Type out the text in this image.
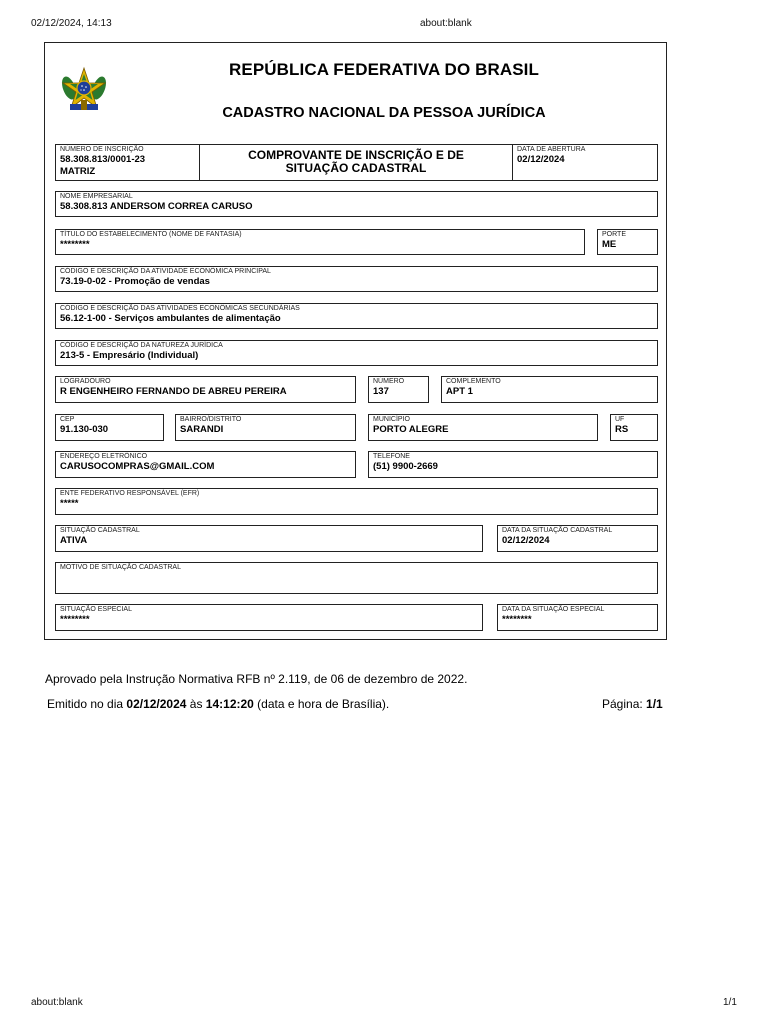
02/12/2024, 14:13	about:blank
REPÚBLICA FEDERATIVA DO BRASIL
CADASTRO NACIONAL DA PESSOA JURÍDICA
NÚMERO DE INSCRIÇÃO
58.308.813/0001-23
MATRIZ
COMPROVANTE DE INSCRIÇÃO E DE SITUAÇÃO CADASTRAL
DATA DE ABERTURA
02/12/2024
NOME EMPRESARIAL
58.308.813 ANDERSOM CORREA CARUSO
TÍTULO DO ESTABELECIMENTO (NOME DE FANTASIA)
********
PORTE
ME
CÓDIGO E DESCRIÇÃO DA ATIVIDADE ECONÔMICA PRINCIPAL
73.19-0-02 - Promoção de vendas
CÓDIGO E DESCRIÇÃO DAS ATIVIDADES ECONÔMICAS SECUNDÁRIAS
56.12-1-00 - Serviços ambulantes de alimentação
CÓDIGO E DESCRIÇÃO DA NATUREZA JURÍDICA
213-5 - Empresário (Individual)
LOGRADOURO
R ENGENHEIRO FERNANDO DE ABREU PEREIRA
NÚMERO
137
COMPLEMENTO
APT 1
CEP
91.130-030
BAIRRO/DISTRITO
SARANDI
MUNICÍPIO
PORTO ALEGRE
UF
RS
ENDEREÇO ELETRÔNICO
CARUSOCOMPRAS@GMAIL.COM
TELEFONE
(51) 9900-2669
ENTE FEDERATIVO RESPONSÁVEL (EFR)
*****
SITUAÇÃO CADASTRAL
ATIVA
DATA DA SITUAÇÃO CADASTRAL
02/12/2024
MOTIVO DE SITUAÇÃO CADASTRAL
SITUAÇÃO ESPECIAL
********
DATA DA SITUAÇÃO ESPECIAL
********
Aprovado pela Instrução Normativa RFB nº 2.119, de 06 de dezembro de 2022.
Emitido no dia 02/12/2024 às 14:12:20 (data e hora de Brasília).	Página: 1/1
about:blank	1/1
